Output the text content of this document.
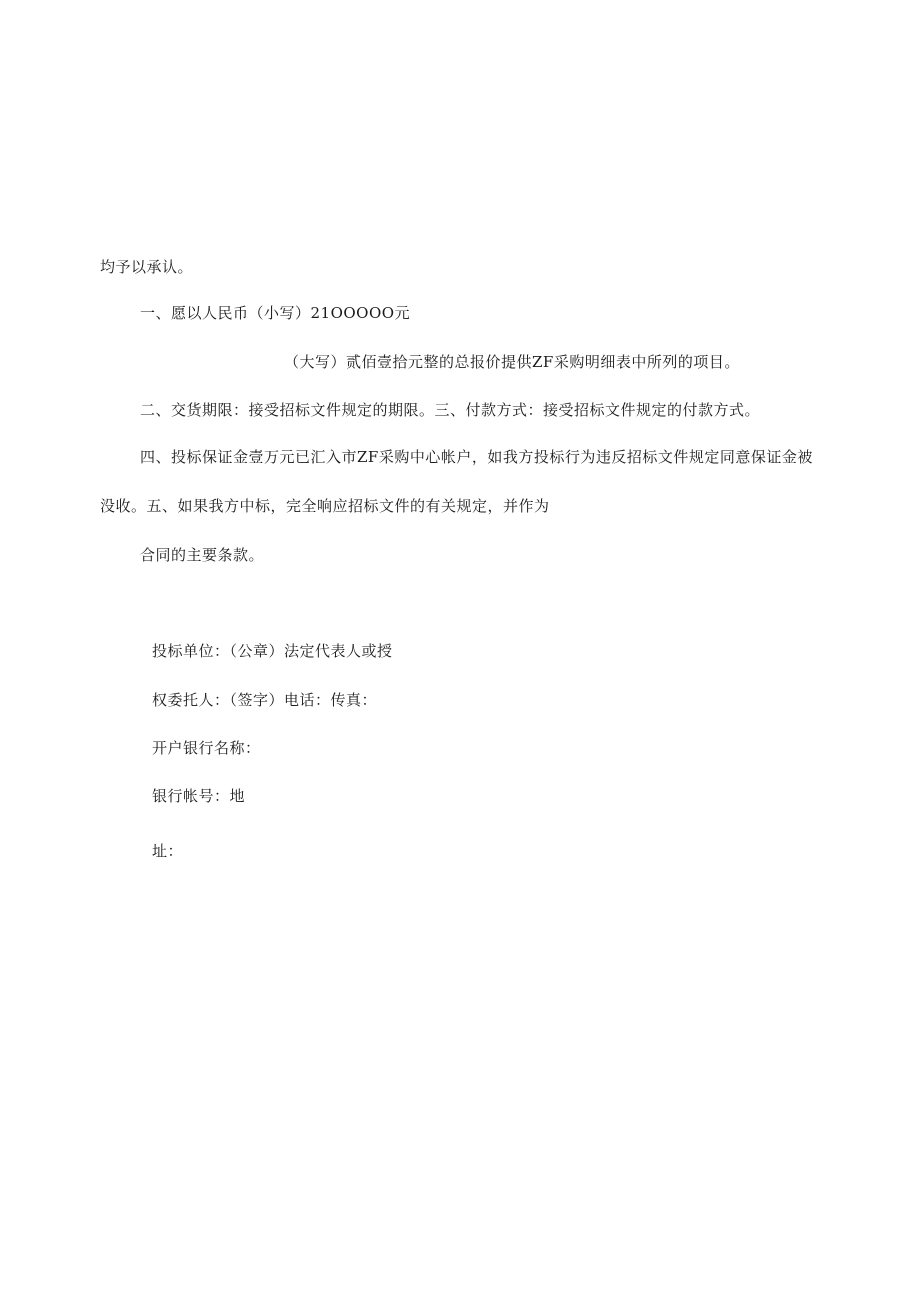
均予以承认。
一、愿以人民币（小写）21OOOOO元
（大写）贰佰壹拾元整的总报价提供ZF采购明细表中所列的项目。
二、交货期限：接受招标文件规定的期限。三、付款方式：接受招标文件规定的付款方式。
四、投标保证金壹万元已汇入市ZF采购中心帐户，如我方投标行为违反招标文件规定同意保证金被
没收。五、如果我方中标，完全响应招标文件的有关规定，并作为
合同的主要条款。
投标单位：（公章）法定代表人或授
权委托人：（签字）电话：传真：
开户银行名称：
银行帐号：地
址：
